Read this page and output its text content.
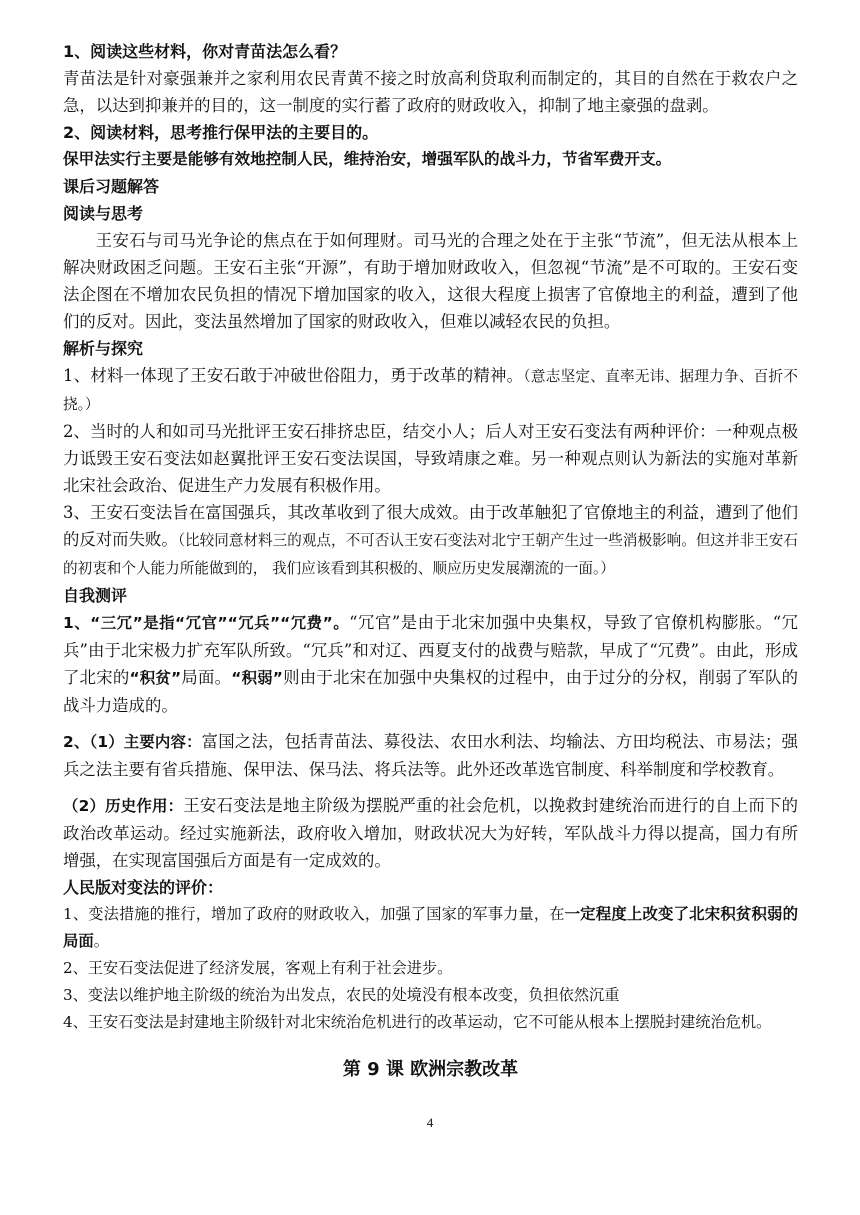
1、阅读这些材料，你对青苗法怎么看？

青苗法是针对豪强兼并之家利用农民青黄不接之时放高利贷取利而制定的，其目的自然在于救农户之急，以达到抑兼并的目的，这一制度的实行蓄了政府的财政收入，抑制了地主豪强的盘剥。

2、阅读材料，思考推行保甲法的主要目的。

保甲法实行主要是能够有效地控制人民，维持治安，增强军队的战斗力，节省军费开支。

课后习题解答

阅读与思考

王安石与司马光争论的焦点在于如何理财。司马光的合理之处在于主张“节流”，但无法从根本上解决财政困乏问题。王安石主张“开源”，有助于增加财政收入，但忽视“节流”是不可取的。王安石变法企图在不增加农民负担的情况下增加国家的收入，这很大程度上损害了官僚地主的利益，遭到了他们的反对。因此，变法虽然增加了国家的财政收入，但难以减轻农民的负担。

解析与探究

1、材料一体现了王安石敢于冲破世俗阻力，勇于改革的精神。（意志坚定、直率无讳、据理力争、百折不挠。）

2、当时的人和如司马光批评王安石排挤忠臣，结交小人；后人对王安石变法有两种评价：一种观点极力诋毁王安石变法如赵翼批评王安石变法误国，导致靖康之难。另一种观点则认为新法的实施对革新北宋社会政治、促进生产力发展有积极作用。

3、王安石变法旨在富国强兵，其改革收到了很大成效。由于改革触犯了官僚地主的利益，遭到了他们的反对而失败。（比较同意材料三的观点，不可否认王安石变法对北宁王朝产生过一些消极影响。但这并非王安石的初衷和个人能力所能做到的， 我们应该看到其积极的、顺应历史发展潮流的一面。）

自我测评

1、“三冗”是指“冗官”“冗兵”“冗费”。“冗官”是由于北宋加强中央集权，导致了官僚机构膨胀。“冗兵”由于北宋极力扩充军队所致。“冗兵”和对辽、西夏支付的战费与赔款，早成了“冗费”。由此，形成了北宋的“积贫”局面。“积弱”则由于北宋在加强中央集权的过程中，由于过分的分权，削弱了军队的战斗力造成的。

2、（1）主要内容：富国之法，包括青苗法、募役法、农田水利法、均输法、方田均税法、市易法；强兵之法主要有省兵措施、保甲法、保马法、将兵法等。此外还改革选官制度、科举制度和学校教育。

（2）历史作用：王安石变法是地主阶级为摆脱严重的社会危机，以挽救封建统治而进行的自上而下的政治改革运动。经过实施新法，政府收入增加，财政状况大为好转，军队战斗力得以提高，国力有所增强，在实现富国强后方面是有一定成效的。

人民版对变法的评价：

1、变法措施的推行，增加了政府的财政收入，加强了国家的军事力量，在一定程度上改变了北宋积贫积弱的局面。

2、王安石变法促进了经济发展，客观上有利于社会进步。

3、变法以维护地主阶级的统治为出发点，农民的处境没有根本改变，负担依然沉重

4、王安石变法是封建地主阶级针对北宋统治危机进行的改革运动，它不可能从根本上摆脱封建统治危机。

第 9 课 欧洲宗教改革

4
